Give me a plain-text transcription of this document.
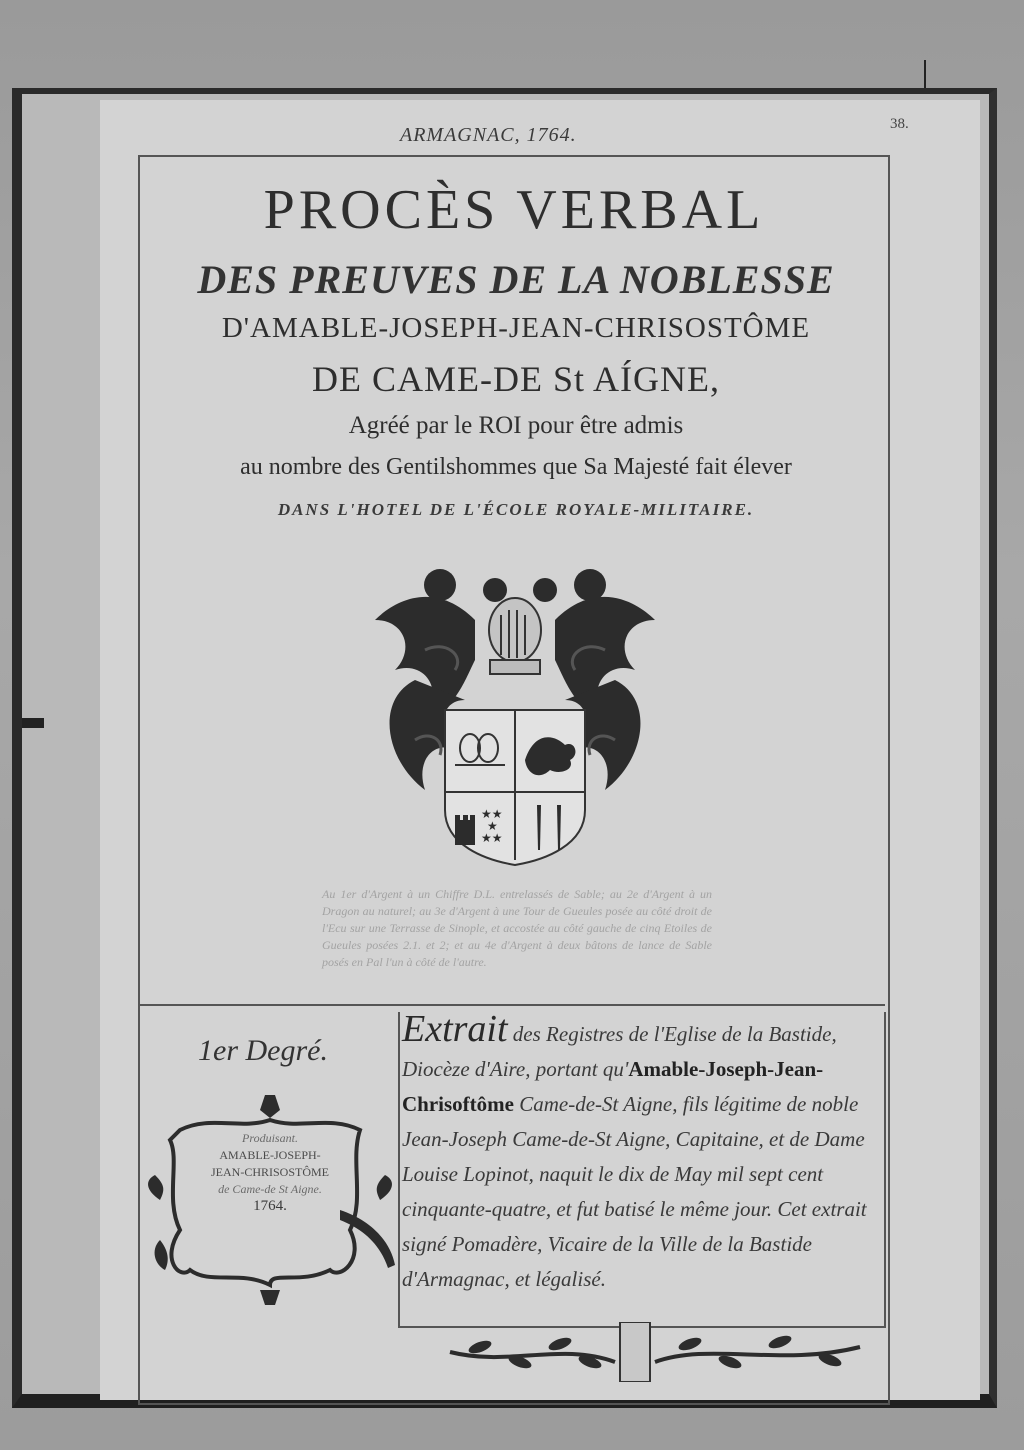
ARMAGNAC, 1764.	38.
PROCÈS VERBAL
DES PREUVES DE LA NOBLESSE
D'AMABLE-JOSEPH-JEAN-CHRISOSTÔME
DE CAME-DE St AÍGNE,
Agréé par le ROI pour être admis
au nombre des Gentilshommes que Sa Majesté fait élever
DANS L'HOTEL DE L'ÉCOLE ROYALE-MILITAIRE.
★★
★
★★
Au 1er d'Argent à un Chiffre D.L. entrelassés de Sable; au 2e d'Argent à un Dragon au naturel; au 3e d'Argent à une Tour de Gueules posée au côté droit de l'Ecu sur une Terrasse de Sinople, et accostée au côté gauche de cinq Etoiles de Gueules posées 2.1. et 2; et au 4e d'Argent à deux bâtons de lance de Sable posés en Pal l'un à côté de l'autre.
1er Degré.
Produisant.
AMABLE-JOSEPH-
JEAN-CHRISOSTÔME
de Came-de St Aigne.
1764.
Extrait des Registres de l'Eglise de la Bastide, Diocèze d'Aire, portant qu'Amable-Joseph-Jean-Chrisoftôme Came-de-St Aigne, fils légitime de noble Jean-Joseph Came-de-St Aigne, Capitaine, et de Dame Louise Lopinot, naquit le dix de May mil sept cent cinquante-quatre, et fut batisé le même jour. Cet extrait signé Pomadère, Vicaire de la Ville de la Bastide d'Armagnac, et légalisé.
